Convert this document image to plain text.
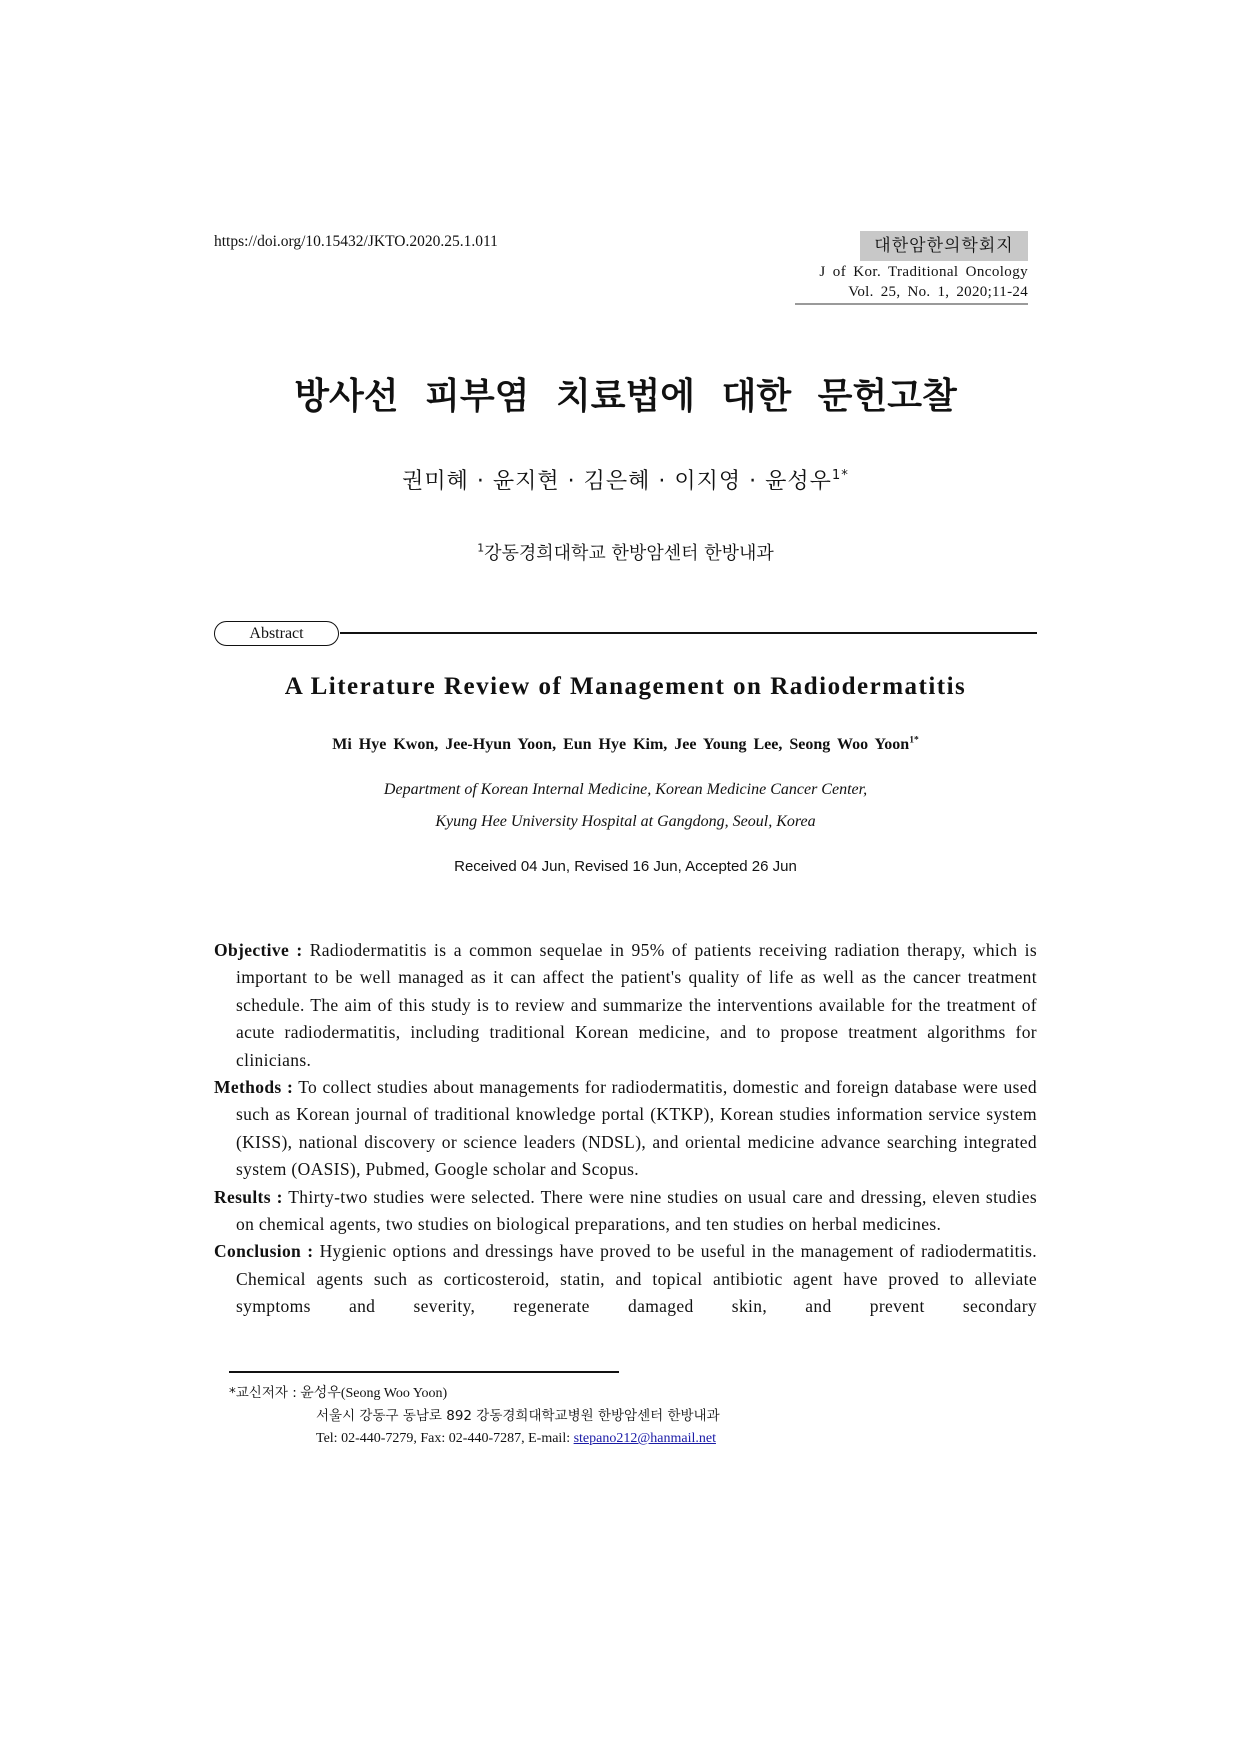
https://doi.org/10.15432/JKTO.2020.25.1.011	대한암한의학회지
J of Kor. Traditional Oncology
Vol. 25, No. 1, 2020;11-24
방사선 피부염 치료법에 대한 문헌고찰
권미혜 · 윤지현 · 김은혜 · 이지영 · 윤성우$^{1*}$
$^1$강동경희대학교 한방암센터 한방내과
Abstract
A Literature Review of Management on Radiodermatitis
Mi Hye Kwon, Jee-Hyun Yoon, Eun Hye Kim, Jee Young Lee, Seong Woo Yoon$^{1*}$
Department of Korean Internal Medicine, Korean Medicine Cancer Center,
Kyung Hee University Hospital at Gangdong, Seoul, Korea
Received 04 Jun, Revised 16 Jun, Accepted 26 Jun

Objective : Radiodermatitis is a common sequelae in 95% of patients receiving radiation therapy, which is important to be well managed as it can affect the patient's quality of life as well as the cancer treatment schedule. The aim of this study is to review and summarize the interventions available for the treatment of acute radiodermatitis, including traditional Korean medicine, and to propose treatment algorithms for clinicians.

Methods : To collect studies about managements for radiodermatitis, domestic and foreign database were used such as Korean journal of traditional knowledge portal (KTKP), Korean studies information service system (KISS), national discovery or science leaders (NDSL), and oriental medicine advance searching integrated system (OASIS), Pubmed, Google scholar and Scopus.

Results : Thirty-two studies were selected. There were nine studies on usual care and dressing, eleven studies on chemical agents, two studies on biological preparations, and ten studies on herbal medicines.

Conclusion : Hygienic options and dressings have proved to be useful in the management of radiodermatitis. Chemical agents such as corticosteroid, statin, and topical antibiotic agent have proved to alleviate symptoms and severity, regenerate damaged skin, and prevent secondary

*교신저자 : 윤성우(Seong Woo Yoon)
서울시 강동구 동남로 892 강동경희대학교병원 한방암센터 한방내과
Tel: 02-440-7279, Fax: 02-440-7287, E-mail: stepano212@hanmail.net
